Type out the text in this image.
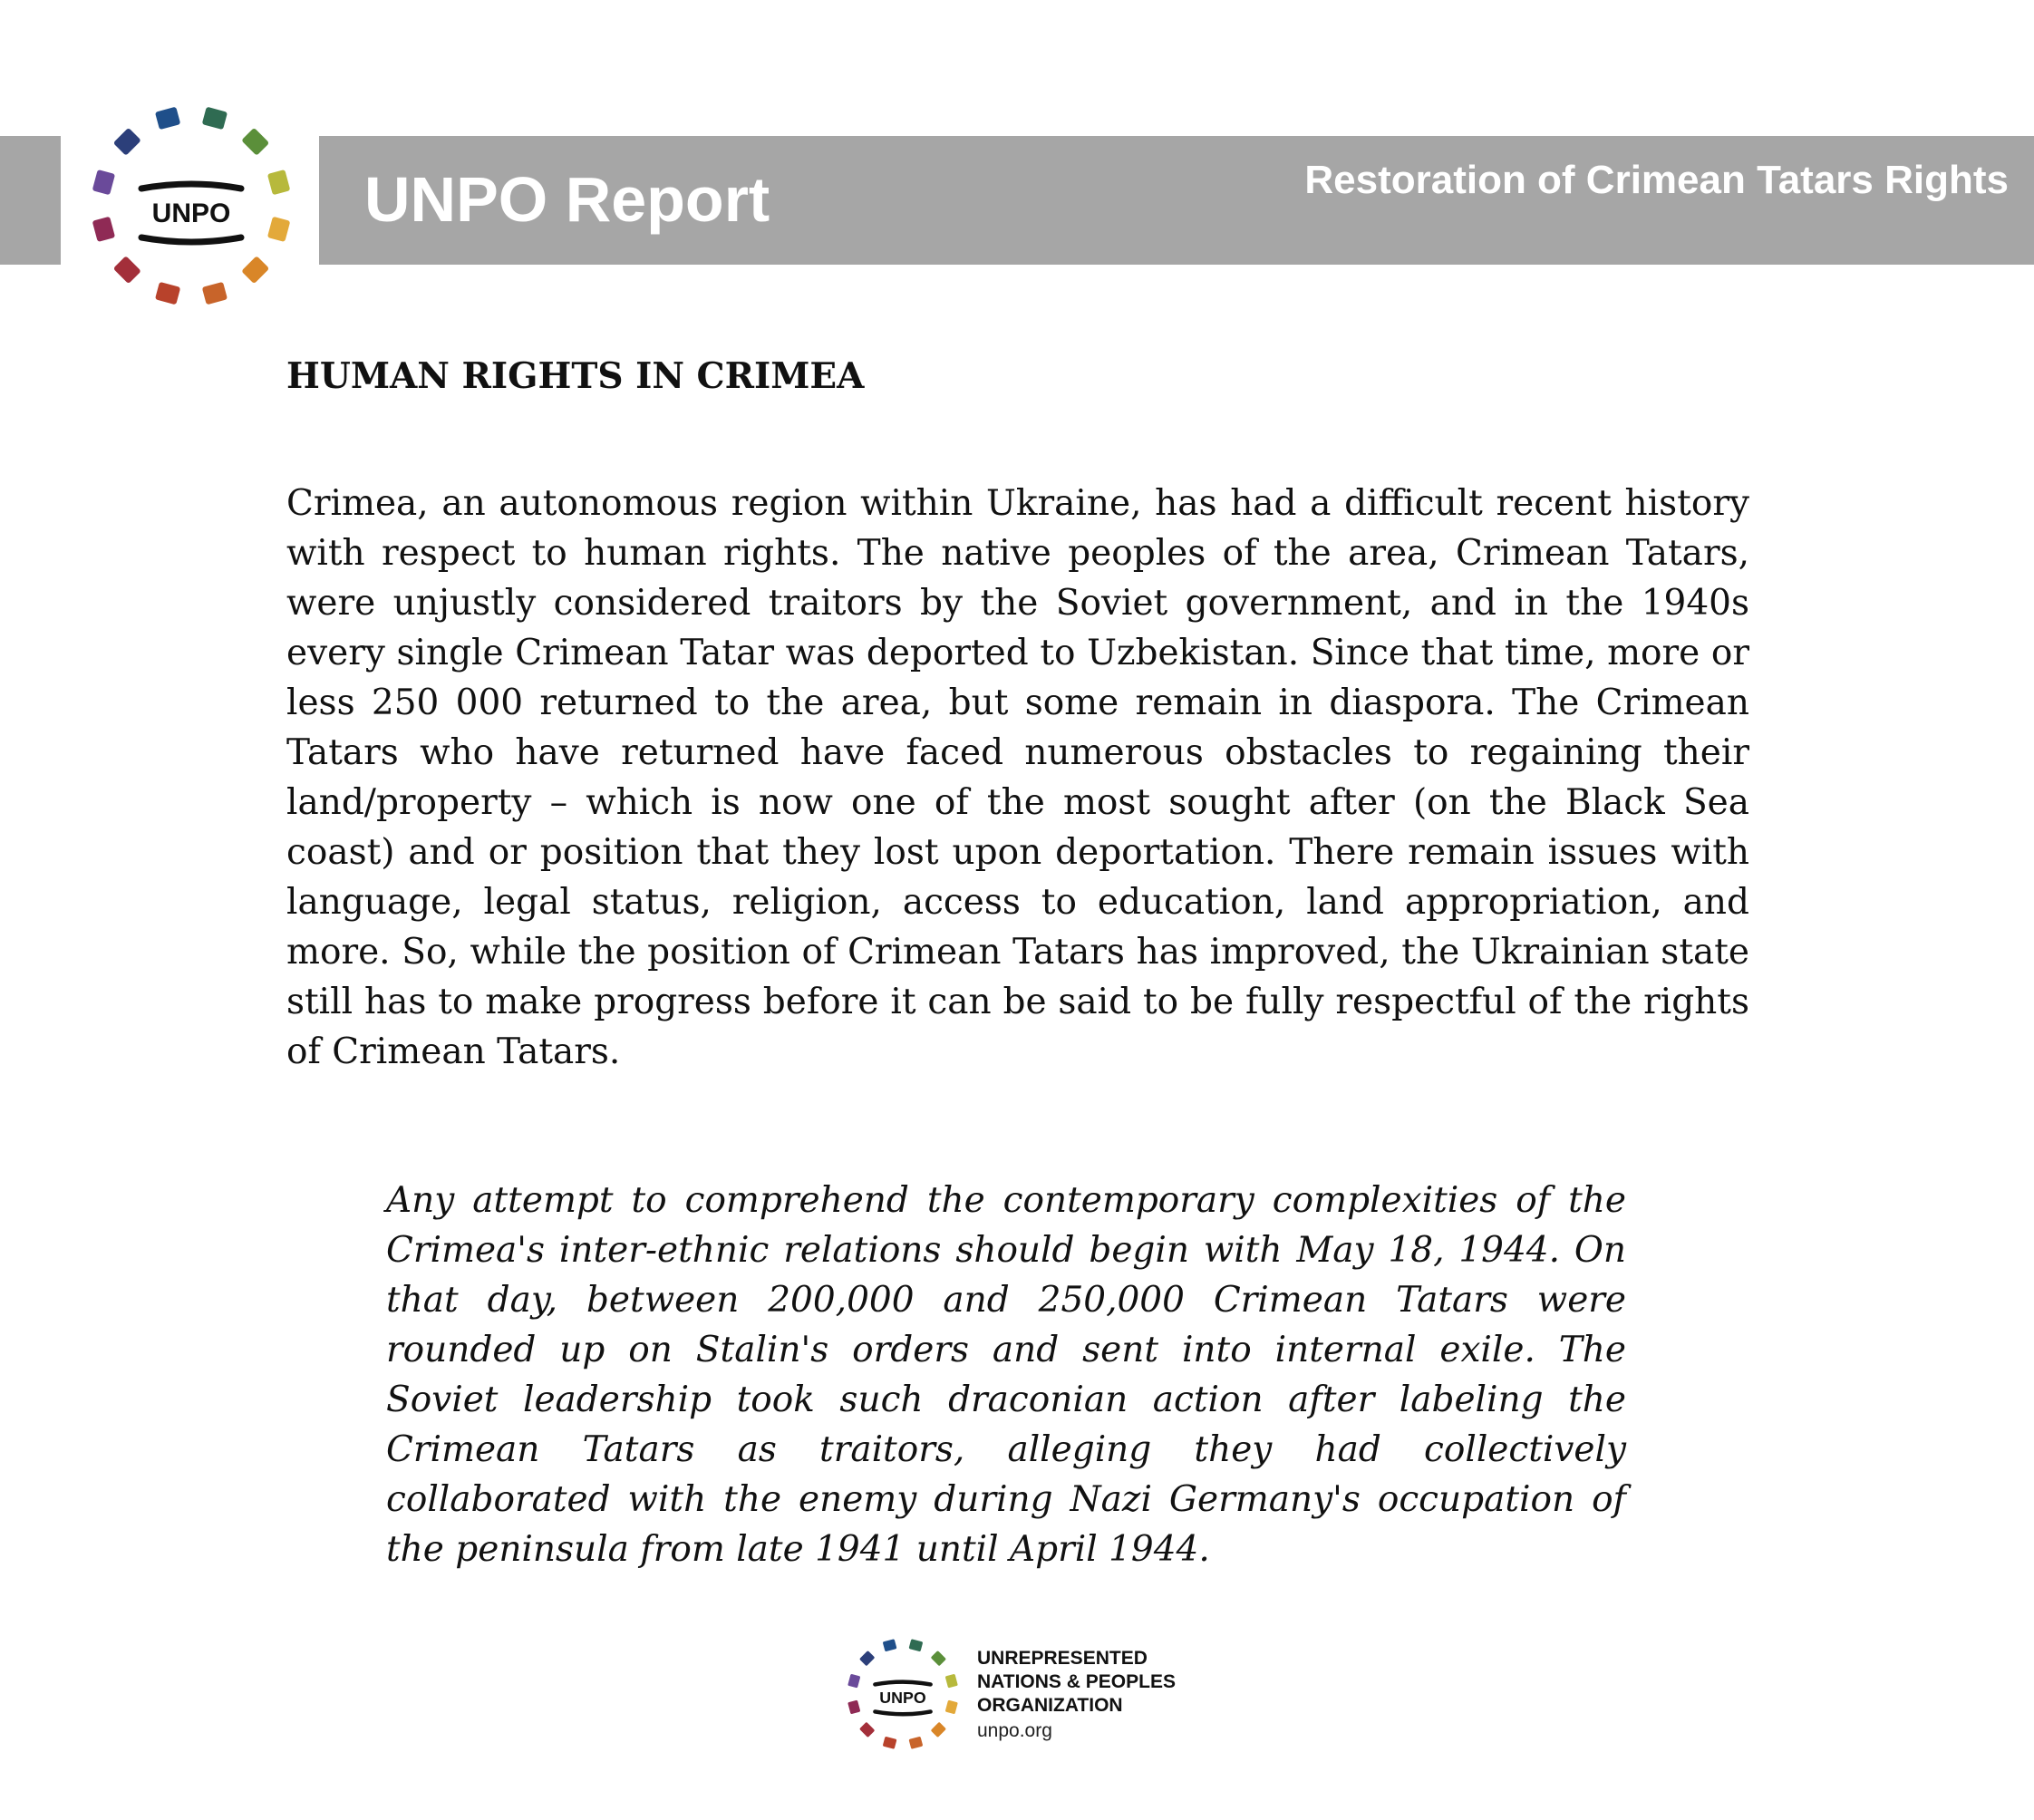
UNPO Report	Restoration of Crimean Tatars Rights
UNPO
HUMAN RIGHTS IN CRIMEA

Crimea, an autonomous region within Ukraine, has had a difficult recent history with respect to human rights. The native peoples of the area, Crimean Tatars, were unjustly considered traitors by the Soviet government, and in the 1940s every single Crimean Tatar was deported to Uzbekistan. Since that time, more or less 250 000 returned to the area, but some remain in diaspora. The Crimean Tatars who have returned have faced numerous obstacles to regaining their land/property – which is now one of the most sought after (on the Black Sea coast) and or position that they lost upon deportation. There remain issues with language, legal status, religion, access to education, land appropriation, and more. So, while the position of Crimean Tatars has improved, the Ukrainian state still has to make progress before it can be said to be fully respectful of the rights of Crimean Tatars.

Any attempt to comprehend the contemporary complexities of the Crimea's inter-ethnic relations should begin with May 18, 1944. On that day, between 200,000 and 250,000 Crimean Tatars were rounded up on Stalin's orders and sent into internal exile. The Soviet leadership took such draconian action after labeling the Crimean Tatars as traitors, alleging they had collectively collaborated with the enemy during Nazi Germany's occupation of the peninsula from late 1941 until April 1944.

UNPO
UNREPRESENTED
NATIONS & PEOPLES
ORGANIZATION
unpo.org
